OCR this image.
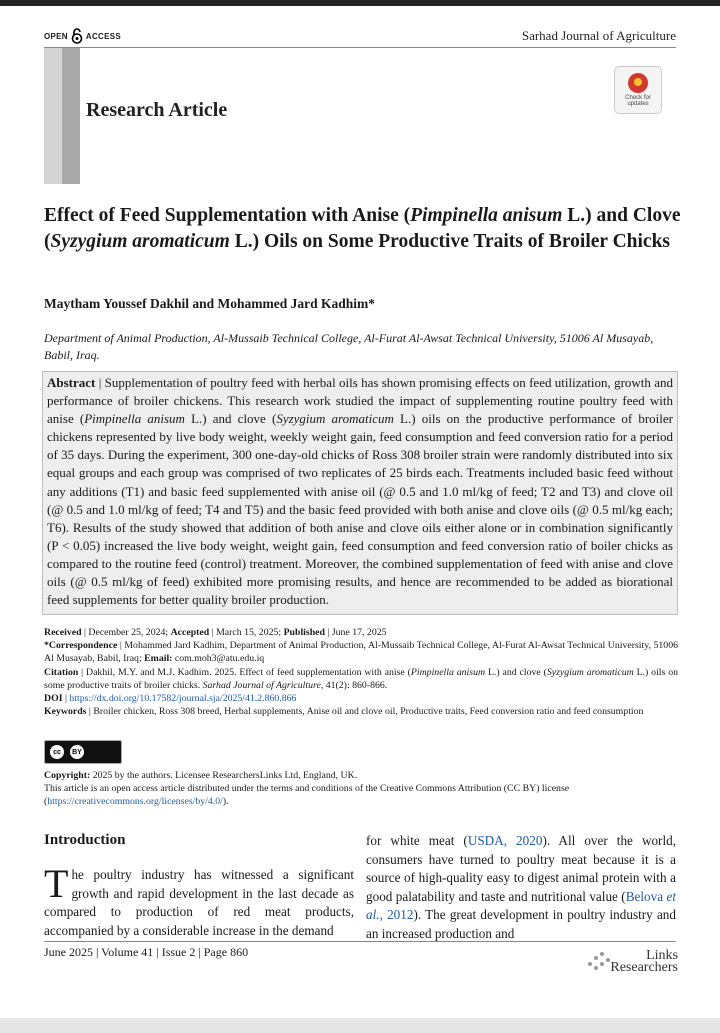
OPEN ACCESS	Sarhad Journal of Agriculture
Research Article
Check for
updates
Effect of Feed Supplementation with Anise (Pimpinella anisum L.) and Clove (Syzygium aromaticum L.) Oils on Some Productive Traits of Broiler Chicks
Maytham Youssef Dakhil and Mohammed Jard Kadhim*
Department of Animal Production, Al-Mussaib Technical College, Al-Furat Al-Awsat Technical University, 51006 Al Musayab, Babil, Iraq.
Abstract | Supplementation of poultry feed with herbal oils has shown promising effects on feed utilization, growth and performance of broiler chickens. This research work studied the impact of supplementing routine poultry feed with anise (Pimpinella anisum L.) and clove (Syzygium aromaticum L.) oils on the productive performance of broiler chickens represented by live body weight, weekly weight gain, feed consumption and feed conversion ratio for a period of 35 days. During the experiment, 300 one-day-old chicks of Ross 308 broiler strain were randomly distributed into six equal groups and each group was comprised of two replicates of 25 birds each. Treatments included basic feed without any additions (T1) and basic feed supplemented with anise oil (@ 0.5 and 1.0 ml/kg of feed; T2 and T3) and clove oil (@ 0.5 and 1.0 ml/kg of feed; T4 and T5) and the basic feed provided with both anise and clove oils (@ 0.5 ml/kg each; T6). Results of the study showed that addition of both anise and clove oils either alone or in combination significantly (P < 0.05) increased the live body weight, weight gain, feed consumption and feed conversion ratio of boiler chicks as compared to the routine feed (control) treatment. Moreover, the combined supplementation of feed with anise and clove oils (@ 0.5 ml/kg of feed) exhibited more promising results, and hence are recommended to be added as biorational feed supplements for better quality broiler production.
Received | December 25, 2024; Accepted | March 15, 2025; Published | June 17, 2025
*Correspondence | Mohammed Jard Kadhim, Department of Animal Production, Al-Mussaib Technical College, Al-Furat Al-Awsat Technical University, 51006 Al Musayab, Babil, Iraq; Email: com.moh3@atu.edu.iq
Citation | Dakhil, M.Y. and M.J. Kadhim. 2025. Effect of feed supplementation with anise (Pimpinella anisum L.) and clove (Syzygium aromaticum L.) oils on some productive traits of broiler chicks. Sarhad Journal of Agriculture, 41(2): 860-866.
DOI | https://dx.doi.org/10.17582/journal.sja/2025/41.2.860.866
Keywords | Broiler chicken, Ross 308 breed, Herbal supplements, Anise oil and clove oil, Productive traits, Feed conversion ratio and feed consumption
cc	BY
Copyright: 2025 by the authors. Licensee ResearchersLinks Ltd, England, UK.
This article is an open access article distributed under the terms and conditions of the Creative Commons Attribution (CC BY) license (https://creativecommons.org/licenses/by/4.0/).
Introduction
The poultry industry has witnessed a significant growth and rapid development in the last decade as compared to production of red meat products, accompanied by a considerable increase in the demand
for white meat (USDA, 2020). All over the world, consumers have turned to poultry meat because it is a source of high-quality easy to digest animal protein with a good palatability and taste and nutritional value (Belova et al., 2012). The great development in poultry industry and an increased production and
June 2025 | Volume 41 | Issue 2 | Page 860	Links
Researchers
